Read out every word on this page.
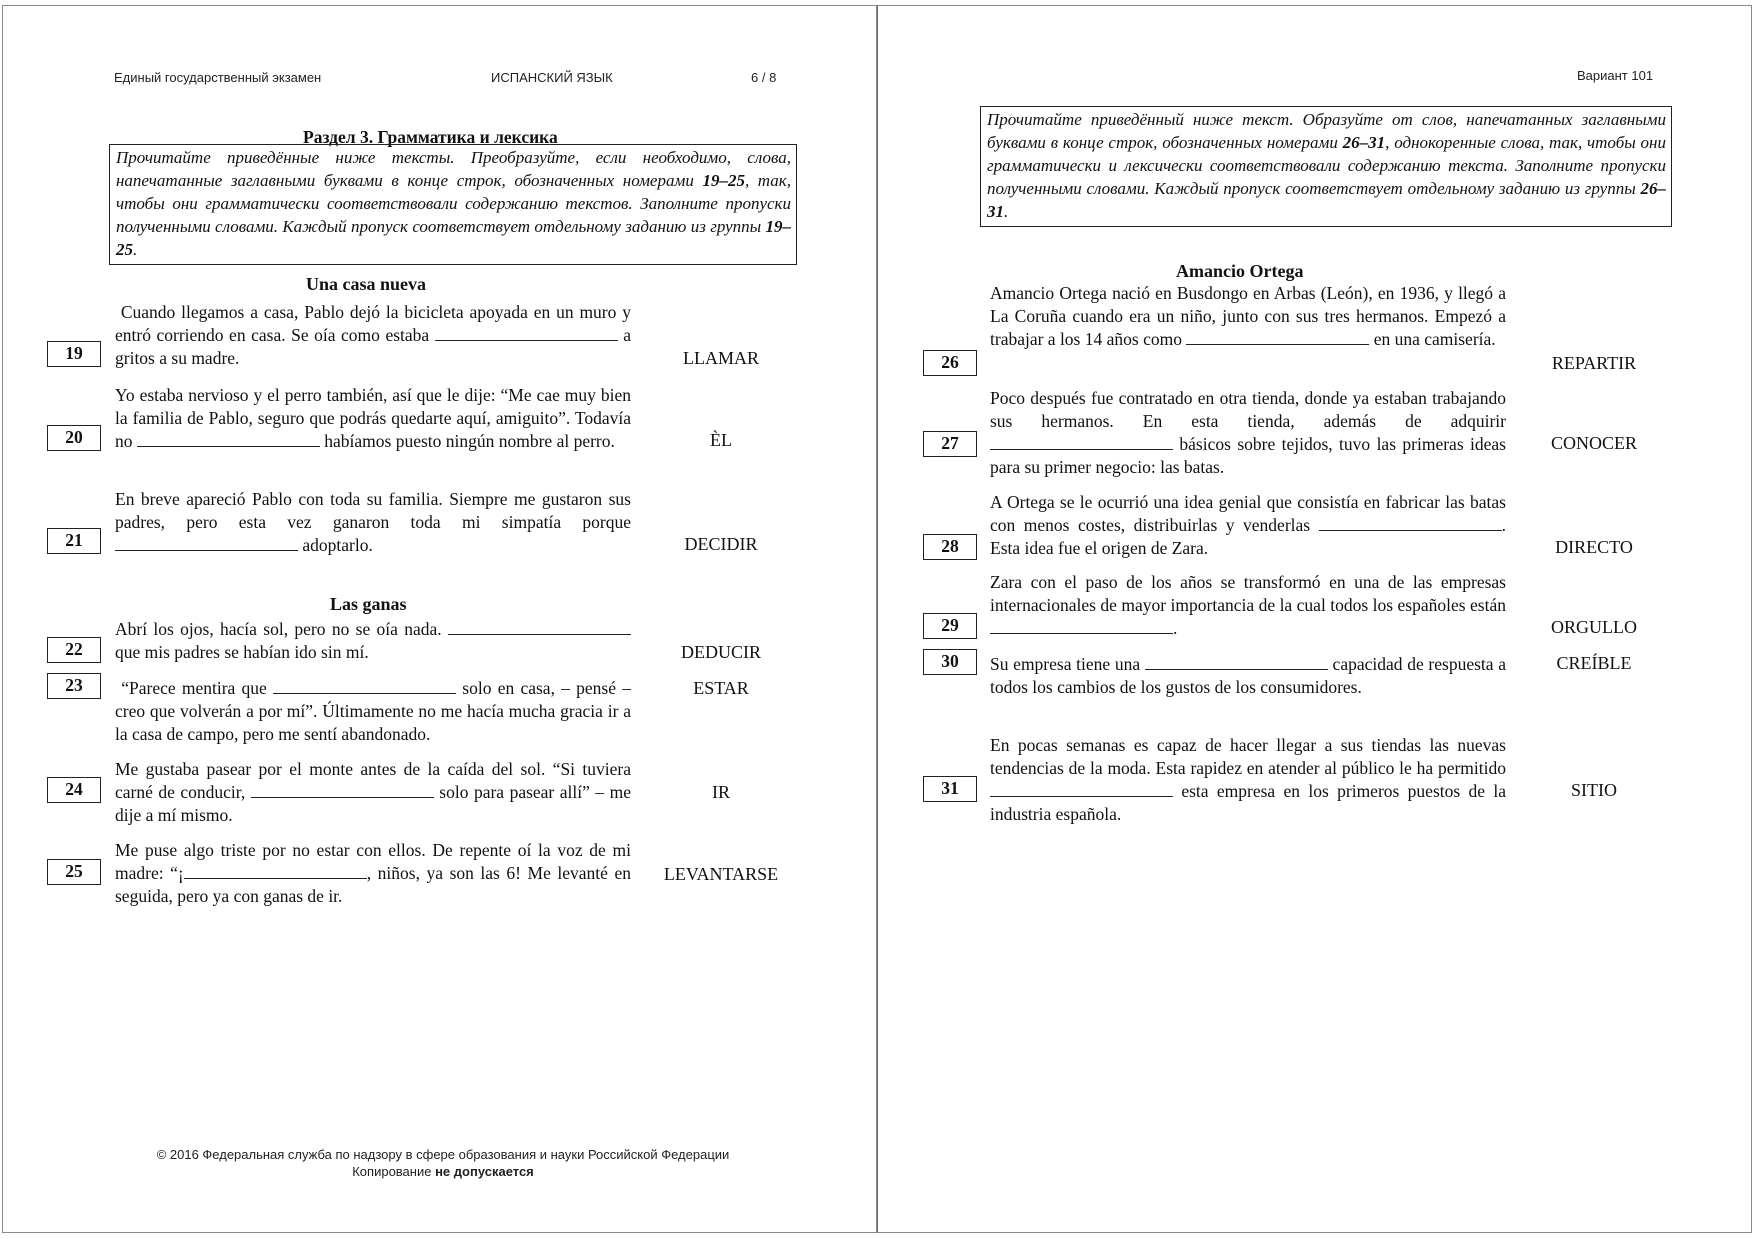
Единый государственный экзамен	ИСПАНСКИЙ ЯЗЫК	6 / 8
Раздел 3. Грамматика и лексика
Прочитайте приведённые ниже тексты. Преобразуйте, если необходимо, слова, напечатанные заглавными буквами в конце строк, обозначенных номерами 19–25, так, чтобы они грамматически соответствовали содержанию текстов. Заполните пропуски полученными словами. Каждый пропуск соответствует отдельному заданию из группы 19–25.
Una casa nueva
19
Cuando llegamos a casa, Pablo dejó la bicicleta apoyada en un muro y entró corriendo en casa. Se oía como estaba	a gritos a su madre.	LLAMAR
20
Yo estaba nervioso y el perro también, así que le dije: “Me cae muy bien la familia de Pablo, seguro que podrás quedarte aquí, amiguito”. Todavía no	habíamos puesto ningún nombre al perro.	ÈL
21
En breve apareció Pablo con toda su familia. Siempre me gustaron sus padres, pero esta vez ganaron toda mi simpatía porque  adoptarlo.	DECIDIR
Las ganas
22
Abrí los ojos, hacía sol, pero no se oía nada.  que mis padres se habían ido sin mí.	DEDUCIR
23	“Parece mentira que	solo en casa, – pensé – creo que volverán a por mí”. Últimamente no me hacía mucha gracia ir a la casa de campo, pero me sentí abandonado.
ESTAR
24
Me gustaba pasear por el monte antes de la caída del sol. “Si tuviera carné de conducir,	solo para pasear allí” – me dije a mí mismo.
IR
25
Me puse algo triste por no estar con ellos. De repente oí la voz de mi madre: “¡	, niños, ya son las 6! Me levanté en seguida, pero ya con ganas de ir.
LEVANTARSE
© 2016 Федеральная служба по надзору в сфере образования и науки Российской Федерации
Копирование не допускается
Вариант 101
Прочитайте приведённый ниже текст. Образуйте от слов, напечатанных заглавными буквами в конце строк, обозначенных номерами 26–31, однокоренные слова, так, чтобы они грамматически и лексически соответствовали содержанию текста. Заполните пропуски полученными словами. Каждый пропуск соответствует отдельному заданию из группы 26–31.
Amancio Ortega
26
Amancio Ortega nació en Busdongo en Arbas (León), en 1936, y llegó a La Coruña cuando era un niño, junto con sus tres hermanos. Empezó a trabajar a los 14 años como	en una camisería.
REPARTIR
27
Poco después fue contratado en otra tienda, donde ya estaban trabajando sus hermanos. En esta tienda, además de adquirir  básicos sobre tejidos, tuvo las primeras ideas para su primer negocio: las batas.
CONOCER
28
A Ortega se le ocurrió una idea genial que consistía en fabricar las batas con menos costes, distribuirlas y venderlas	. Esta idea fue el origen de Zara.	DIRECTO
29
Zara con el paso de los años se transformó en una de las empresas internacionales de mayor importancia de la cual todos los españoles están .	ORGULLO
30	Su empresa tiene una	capacidad de respuesta a todos los cambios de los gustos de los consumidores.
CREÍBLE
31
En pocas semanas es capaz de hacer llegar a sus tiendas las nuevas tendencias de la moda. Esta rapidez en atender al público le ha permitido  esta empresa en los primeros puestos de la industria española.
SITIO
